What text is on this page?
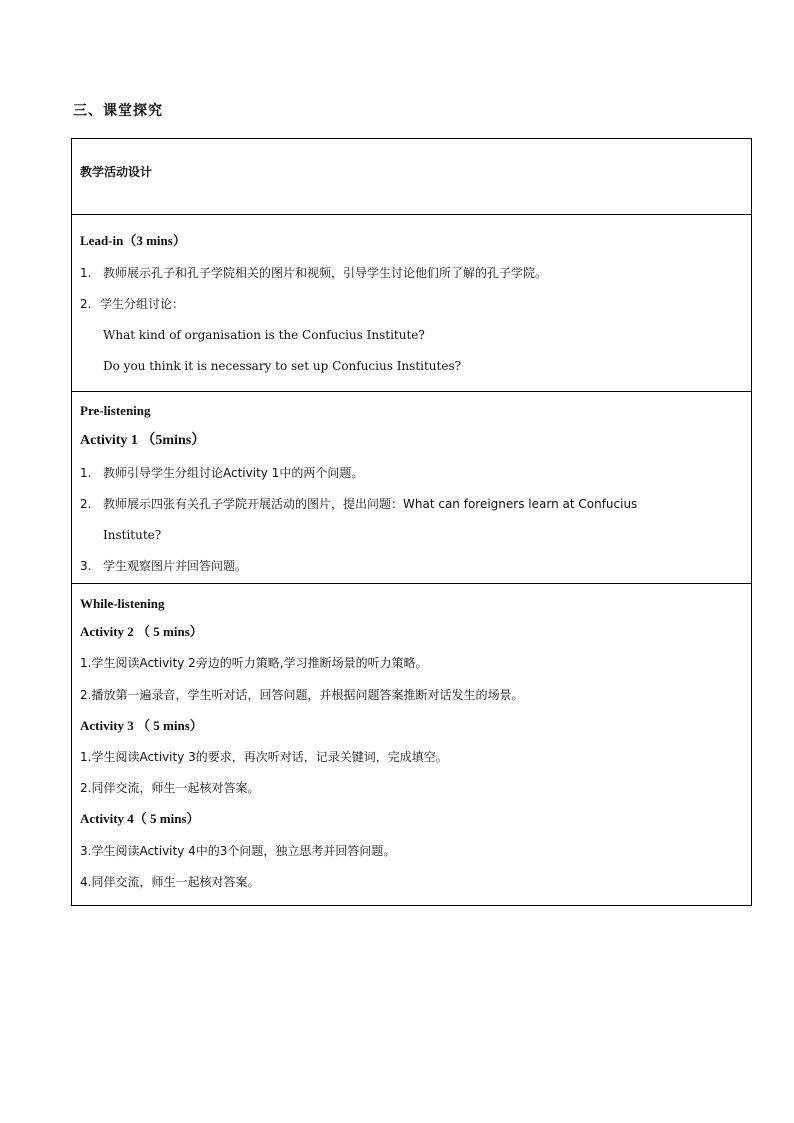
三、课堂探究
教学活动设计
Lead-in（3 mins）
1. 教师展示孔子和孔子学院相关的图片和视频，引导学生讨论他们所了解的孔子学院。
2. 学生分组讨论：
What kind of organisation is the Confucius Institute?
Do you think it is necessary to set up Confucius Institutes?
Pre-listening
Activity 1 （5mins）
1. 教师引导学生分组讨论Activity 1中的两个问题。
2. 教师展示四张有关孔子学院开展活动的图片，提出问题：What can foreigners learn at Confucius
Institute?
3. 学生观察图片并回答问题。
While-listening
Activity 2 （ 5 mins）
1.学生阅读Activity 2旁边的听力策略,学习推断场景的听力策略。
2.播放第一遍录音，学生听对话，回答问题，并根据问题答案推断对话发生的场景。
Activity 3 （ 5 mins）
1.学生阅读Activity 3的要求，再次听对话，记录关键词，完成填空。
2.同伴交流，师生一起核对答案。
Activity 4（ 5 mins）
3.学生阅读Activity 4中的3个问题，独立思考并回答问题。
4.同伴交流，师生一起核对答案。
